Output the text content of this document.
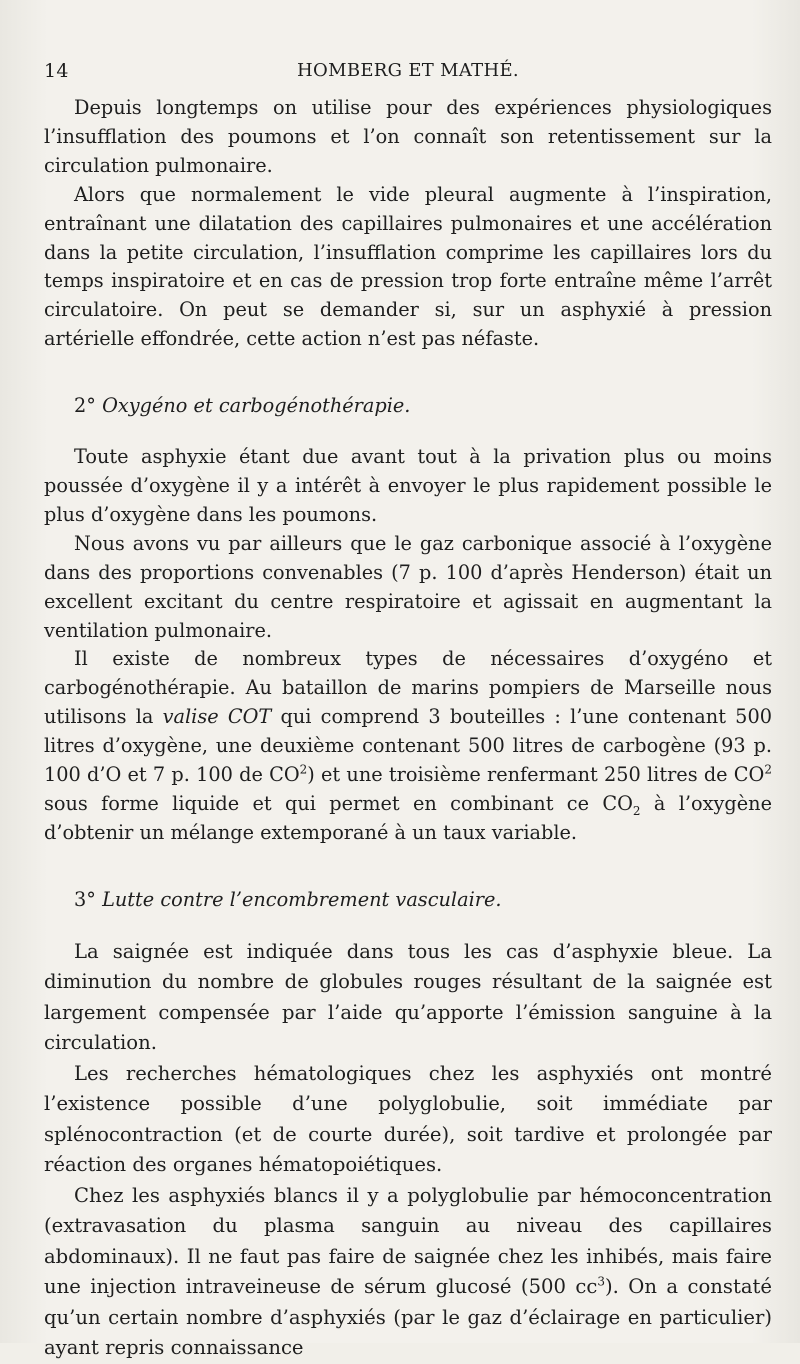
14	HOMBERG ET MATHÉ.

Depuis longtemps on utilise pour des expériences physiologiques l’insufflation des poumons et l’on connaît son retentissement sur la circulation pulmonaire.

Alors que normalement le vide pleural augmente à l’inspiration, entraînant une dilatation des capillaires pulmonaires et une accélération dans la petite circulation, l’insufflation comprime les capillaires lors du temps inspiratoire et en cas de pression trop forte entraîne même l’arrêt circulatoire. On peut se demander si, sur un asphyxié à pression artérielle effondrée, cette action n’est pas néfaste.

2° Oxygéno et carbogénothérapie.

Toute asphyxie étant due avant tout à la privation plus ou moins poussée d’oxygène il y a intérêt à envoyer le plus rapidement possible le plus d’oxygène dans les poumons.

Nous avons vu par ailleurs que le gaz carbonique associé à l’oxygène dans des proportions convenables (7 p. 100 d’après Henderson) était un excellent excitant du centre respiratoire et agissait en augmentant la ventilation pulmonaire.

Il existe de nombreux types de nécessaires d’oxygéno et carbogénothérapie. Au bataillon de marins pompiers de Marseille nous utilisons la valise COT qui comprend 3 bouteilles : l’une contenant 500 litres d’oxygène, une deuxième contenant 500 litres de carbogène (93 p. 100 d’O et 7 p. 100 de $CO^2$) et une troisième renfermant 250 litres de $CO^2$ sous forme liquide et qui permet en combinant ce $CO_2$ à l’oxygène d’obtenir un mélange extemporané à un taux variable.

3° Lutte contre l’encombrement vasculaire.

La saignée est indiquée dans tous les cas d’asphyxie bleue. La diminution du nombre de globules rouges résultant de la saignée est largement compensée par l’aide qu’apporte l’émission sanguine à la circulation.

Les recherches hématologiques chez les asphyxiés ont montré l’existence possible d’une polyglobulie, soit immédiate par splénocontraction (et de courte durée), soit tardive et prolongée par réaction des organes hématopoiétiques.

Chez les asphyxiés blancs il y a polyglobulie par hémoconcentration (extravasation du plasma sanguin au niveau des capillaires abdominaux). Il ne faut pas faire de saignée chez les inhibés, mais faire une injection intraveineuse de sérum glucosé (500 $cc^3$). On a constaté qu’un certain nombre d’asphyxiés (par le gaz d’éclairage en particulier) ayant repris connaissance
